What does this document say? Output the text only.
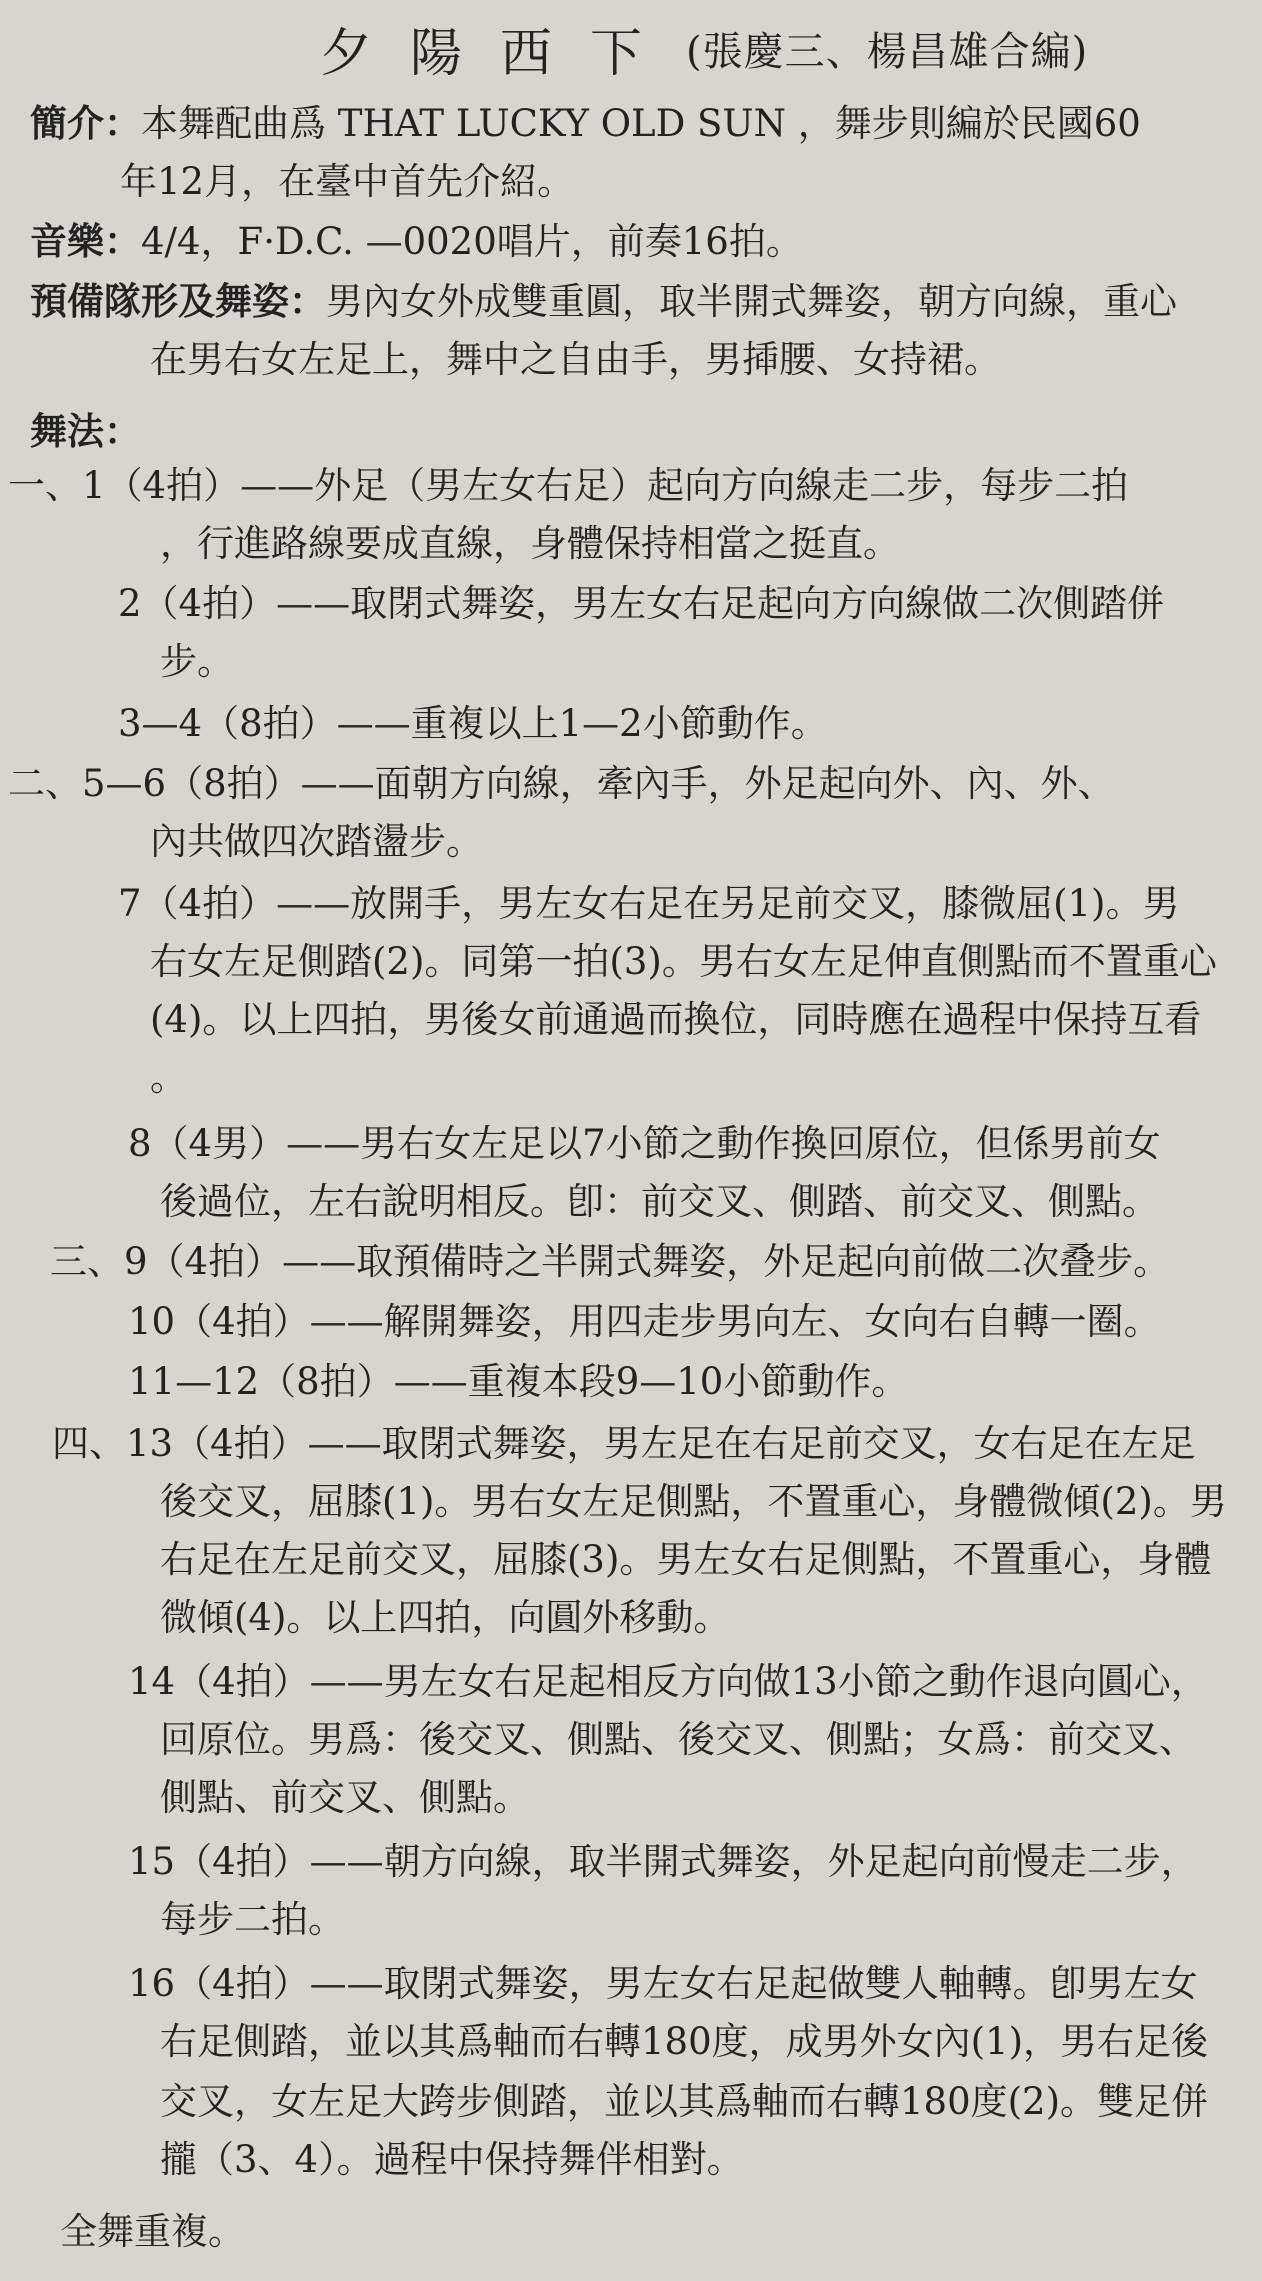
夕陽西下 (張慶三、楊昌雄合編)
簡介：本舞配曲爲 THAT LUCKY OLD SUN ，舞步則編於民國60
年12月，在臺中首先介紹。
音樂：4/4，F·D.C. —0020唱片，前奏16拍。
預備隊形及舞姿：男內女外成雙重圓，取半開式舞姿，朝方向線，重心
在男右女左足上，舞中之自由手，男揷腰、女持裙。
舞法：
一、1（4拍）——外足（男左女右足）起向方向線走二步，每步二拍
，行進路線要成直線，身體保持相當之挺直。
2（4拍）——取閉式舞姿，男左女右足起向方向線做二次側踏併
步。
3—4（8拍）——重複以上1—2小節動作。
二、5—6（8拍）——面朝方向線，牽內手，外足起向外、內、外、
內共做四次踏盪步。
7（4拍）——放開手，男左女右足在另足前交叉，膝微屈(1)。男
右女左足側踏(2)。同第一拍(3)。男右女左足伸直側點而不置重心
(4)。以上四拍，男後女前通過而換位，同時應在過程中保持互看
。
8（4男）——男右女左足以7小節之動作換回原位，但係男前女
後過位，左右說明相反。卽：前交叉、側踏、前交叉、側點。
三、9（4拍）——取預備時之半開式舞姿，外足起向前做二次叠步。
10（4拍）——解開舞姿，用四走步男向左、女向右自轉一圈。
11—12（8拍）——重複本段9—10小節動作。
四、13（4拍）——取閉式舞姿，男左足在右足前交叉，女右足在左足
後交叉，屈膝(1)。男右女左足側點，不置重心，身體微傾(2)。男
右足在左足前交叉，屈膝(3)。男左女右足側點，不置重心，身體
微傾(4)。以上四拍，向圓外移動。
14（4拍）——男左女右足起相反方向做13小節之動作退向圓心，
回原位。男爲：後交叉、側點、後交叉、側點；女爲：前交叉、
側點、前交叉、側點。
15（4拍）——朝方向線，取半開式舞姿，外足起向前慢走二步，
每步二拍。
16（4拍）——取閉式舞姿，男左女右足起做雙人軸轉。卽男左女
右足側踏，並以其爲軸而右轉180度，成男外女內(1)，男右足後
交叉，女左足大跨步側踏，並以其爲軸而右轉180度(2)。雙足併
攏（3、4）。過程中保持舞伴相對。
全舞重複。
